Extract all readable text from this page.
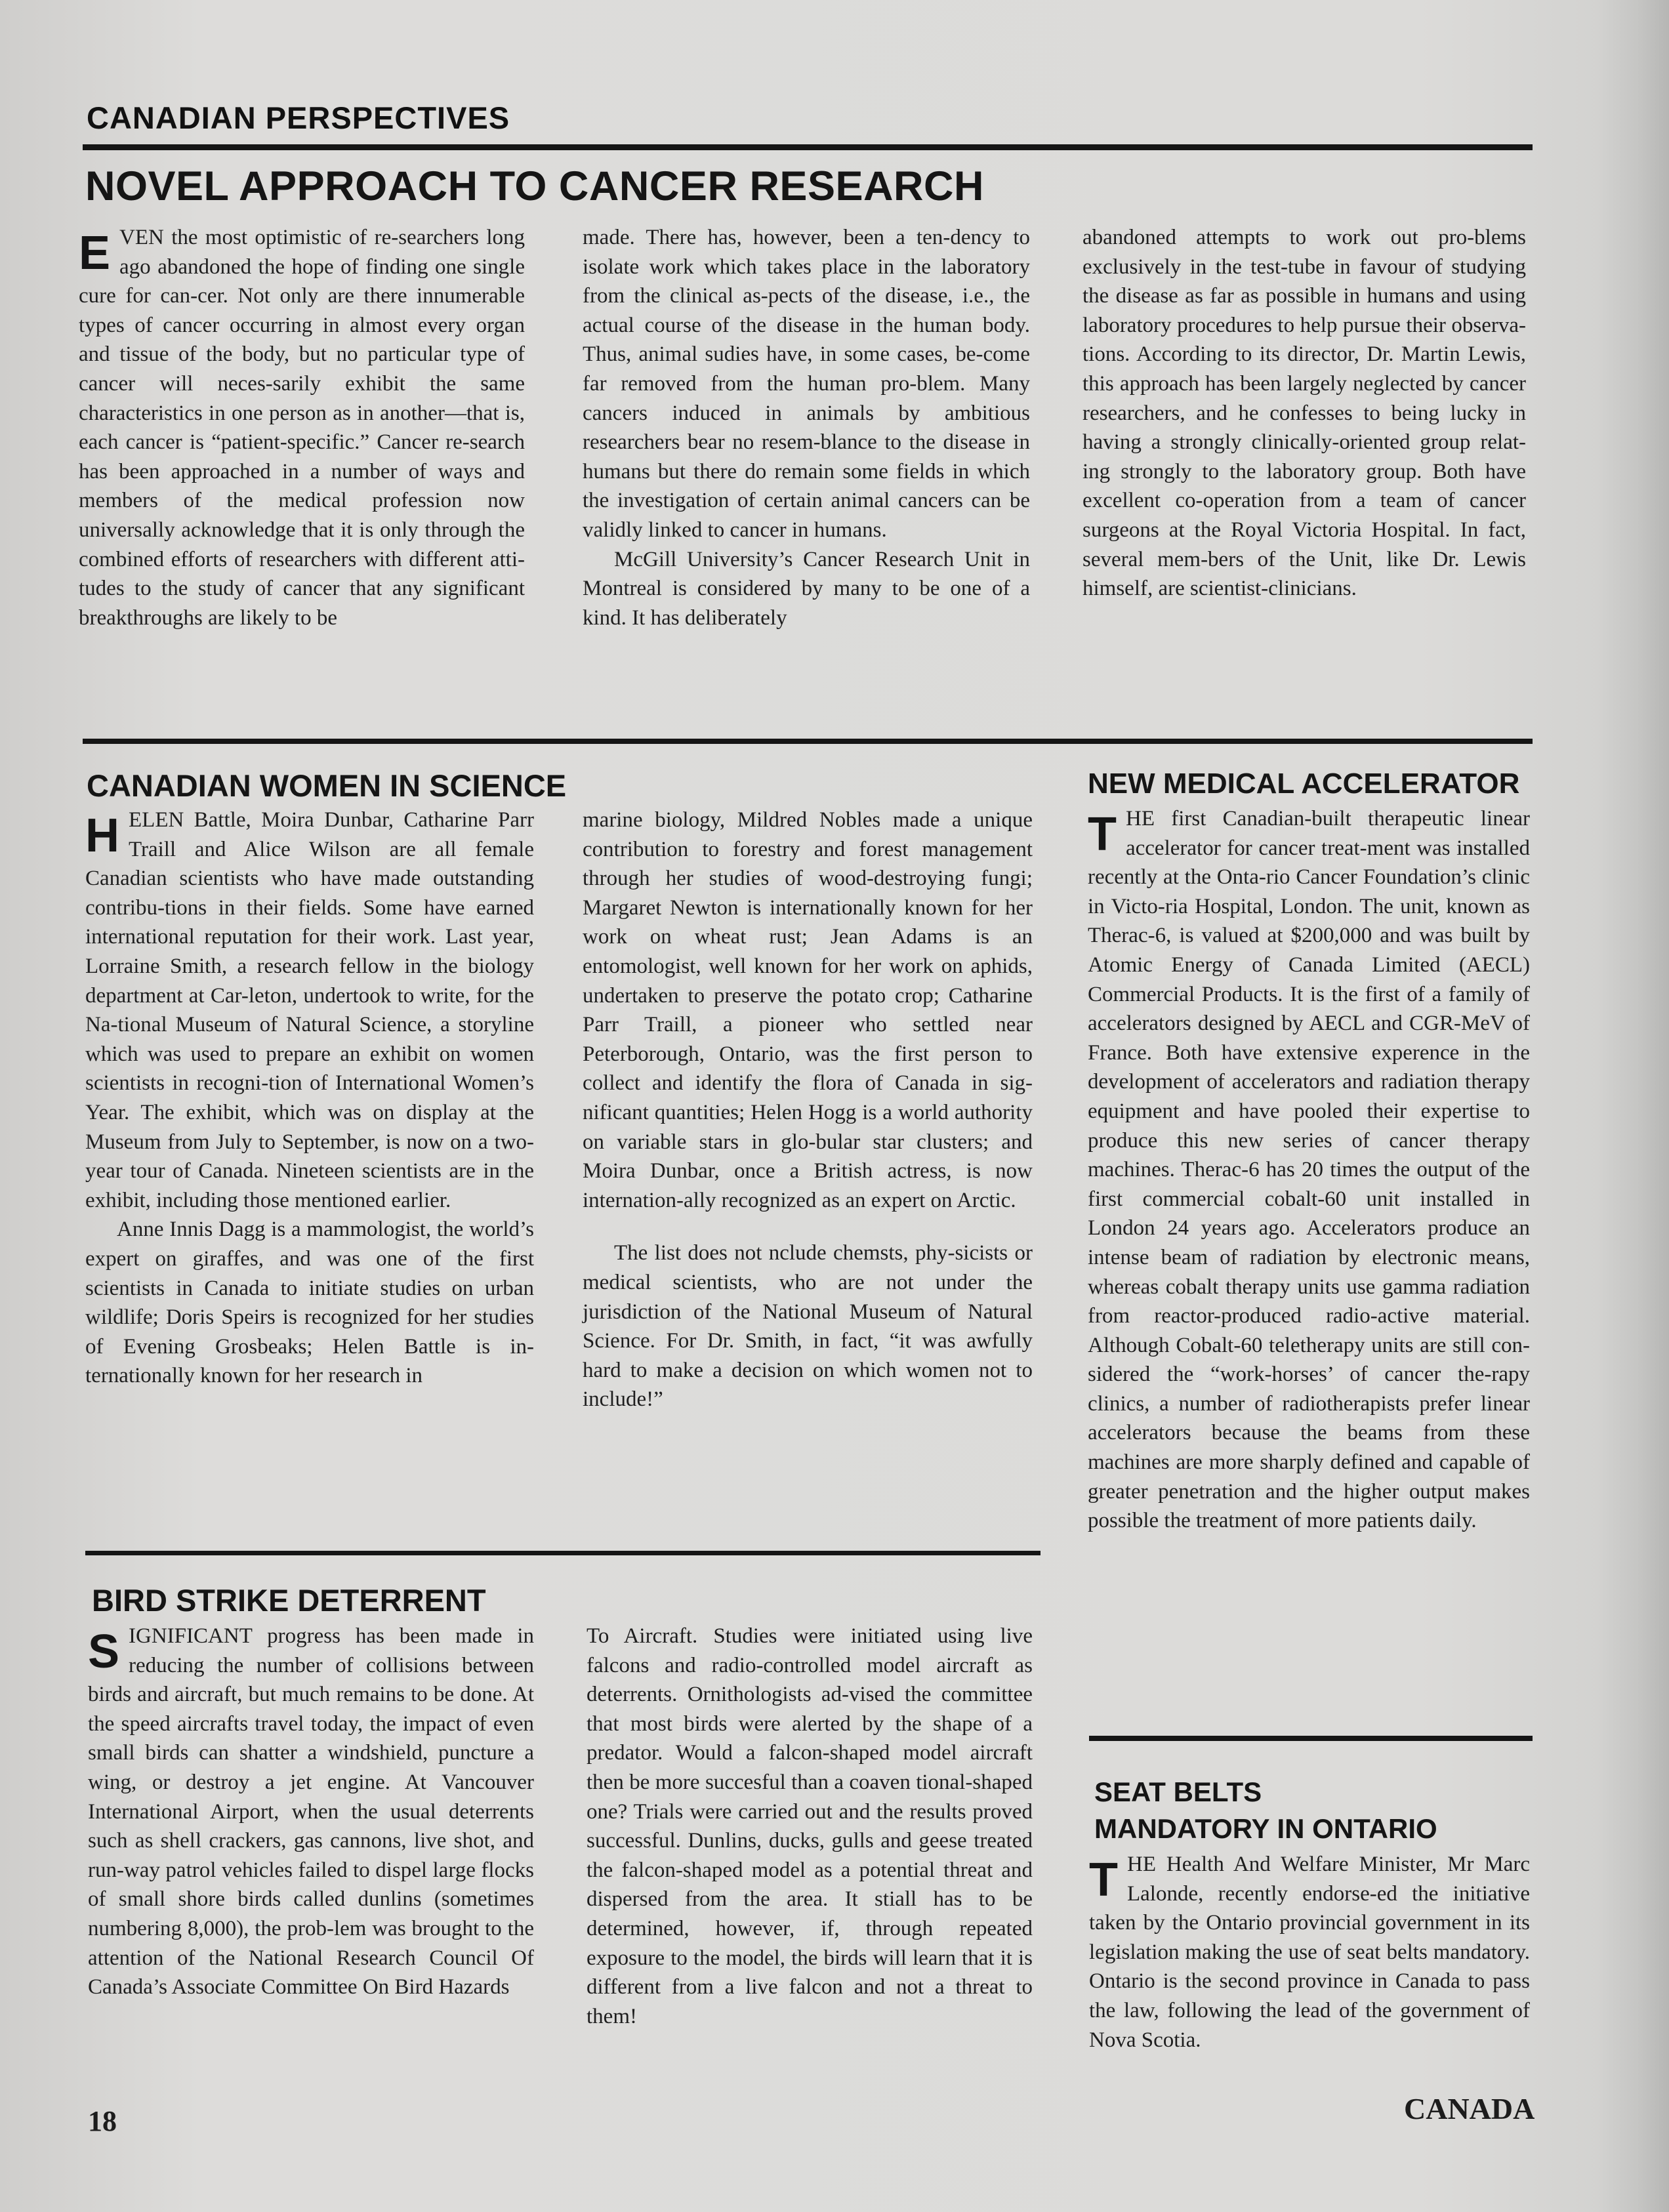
CANADIAN PERSPECTIVES
NOVEL APPROACH TO CANCER RESEARCH

EVEN the most optimistic of re-searchers long ago abandoned the hope of finding one single cure for can-cer. Not only are there innumerable types of cancer occurring in almost every organ and tissue of the body, but no particular type of cancer will neces-sarily exhibit the same characteristics in one person as in another—that is, each cancer is “patient-specific.” Cancer re-search has been approached in a number of ways and members of the medical profession now universally acknowledge that it is only through the combined efforts of researchers with different atti-tudes to the study of cancer that any significant breakthroughs are likely to be

made. There has, however, been a ten-dency to isolate work which takes place in the laboratory from the clinical as-pects of the disease, i.e., the actual course of the disease in the human body. Thus, animal sudies have, in some cases, be-come far removed from the human pro-blem. Many cancers induced in animals by ambitious researchers bear no resem-blance to the disease in humans but there do remain some fields in which the investigation of certain animal cancers can be validly linked to cancer in humans.

McGill University’s Cancer Research Unit in Montreal is considered by many to be one of a kind. It has deliberately

abandoned attempts to work out pro-blems exclusively in the test-tube in favour of studying the disease as far as possible in humans and using laboratory procedures to help pursue their observa-tions. According to its director, Dr. Martin Lewis, this approach has been largely neglected by cancer researchers, and he confesses to being lucky in having a strongly clinically-oriented group relat-ing strongly to the laboratory group. Both have excellent co-operation from a team of cancer surgeons at the Royal Victoria Hospital. In fact, several mem-bers of the Unit, like Dr. Lewis himself, are scientist-clinicians.

CANADIAN WOMEN IN SCIENCE

HELEN Battle, Moira Dunbar, Catharine Parr Traill and Alice Wilson are all female Canadian scientists who have made outstanding contribu-tions in their fields. Some have earned international reputation for their work. Last year, Lorraine Smith, a research fellow in the biology department at Car-leton, undertook to write, for the Na-tional Museum of Natural Science, a storyline which was used to prepare an exhibit on women scientists in recogni-tion of International Women’s Year. The exhibit, which was on display at the Museum from July to September, is now on a two-year tour of Canada. Nineteen scientists are in the exhibit, including those mentioned earlier.

Anne Innis Dagg is a mammologist, the world’s expert on giraffes, and was one of the first scientists in Canada to initiate studies on urban wildlife; Doris Speirs is recognized for her studies of Evening Grosbeaks; Helen Battle is in-ternationally known for her research in

marine biology, Mildred Nobles made a unique contribution to forestry and forest management through her studies of wood-destroying fungi; Margaret Newton is internationally known for her work on wheat rust; Jean Adams is an entomologist, well known for her work on aphids, undertaken to preserve the potato crop; Catharine Parr Traill, a pioneer who settled near Peterborough, Ontario, was the first person to collect and identify the flora of Canada in sig-nificant quantities; Helen Hogg is a world authority on variable stars in glo-bular star clusters; and Moira Dunbar, once a British actress, is now internation-ally recognized as an expert on Arctic.

The list does not nclude chemsts, phy-sicists or medical scientists, who are not under the jurisdiction of the National Museum of Natural Science. For Dr. Smith, in fact, “it was awfully hard to make a decision on which women not to include!”

BIRD STRIKE DETERRENT

SIGNIFICANT progress has been made in reducing the number of collisions between birds and aircraft, but much remains to be done. At the speed aircrafts travel today, the impact of even small birds can shatter a windshield, puncture a wing, or destroy a jet engine. At Vancouver International Airport, when the usual deterrents such as shell crackers, gas cannons, live shot, and run-way patrol vehicles failed to dispel large flocks of small shore birds called dunlins (sometimes numbering 8,000), the prob-lem was brought to the attention of the National Research Council Of Canada’s Associate Committee On Bird Hazards

To Aircraft. Studies were initiated using live falcons and radio-controlled model aircraft as deterrents. Ornithologists ad-vised the committee that most birds were alerted by the shape of a predator. Would a falcon-shaped model aircraft then be more succesful than a coaven tional-shaped one? Trials were carried out and the results proved successful. Dunlins, ducks, gulls and geese treated the falcon-shaped model as a potential threat and dispersed from the area. It stiall has to be determined, however, if, through repeated exposure to the model, the birds will learn that it is different from a live falcon and not a threat to them!

NEW MEDICAL ACCELERATOR

THE first Canadian-built therapeutic linear accelerator for cancer treat-ment was installed recently at the Onta-rio Cancer Foundation’s clinic in Victo-ria Hospital, London. The unit, known as Therac-6, is valued at $200,000 and was built by Atomic Energy of Canada Limited (AECL) Commercial Products. It is the first of a family of accelerators designed by AECL and CGR-MeV of France. Both have extensive experence in the development of accelerators and radiation therapy equipment and have pooled their expertise to produce this new series of cancer therapy machines. Therac-6 has 20 times the output of the first commercial cobalt-60 unit installed in London 24 years ago. Accelerators produce an intense beam of radiation by electronic means, whereas cobalt therapy units use gamma radiation from reactor-produced radio-active material. Although Cobalt-60 teletherapy units are still con-sidered the “work-horses’ of cancer the-rapy clinics, a number of radiotherapists prefer linear accelerators because the beams from these machines are more sharply defined and capable of greater penetration and the higher output makes possible the treatment of more patients daily.

SEAT BELTS
MANDATORY IN ONTARIO

THE Health And Welfare Minister, Mr Marc Lalonde, recently endorse-ed the initiative taken by the Ontario provincial government in its legislation making the use of seat belts mandatory. Ontario is the second province in Canada to pass the law, following the lead of the government of Nova Scotia.

18	CANADA
